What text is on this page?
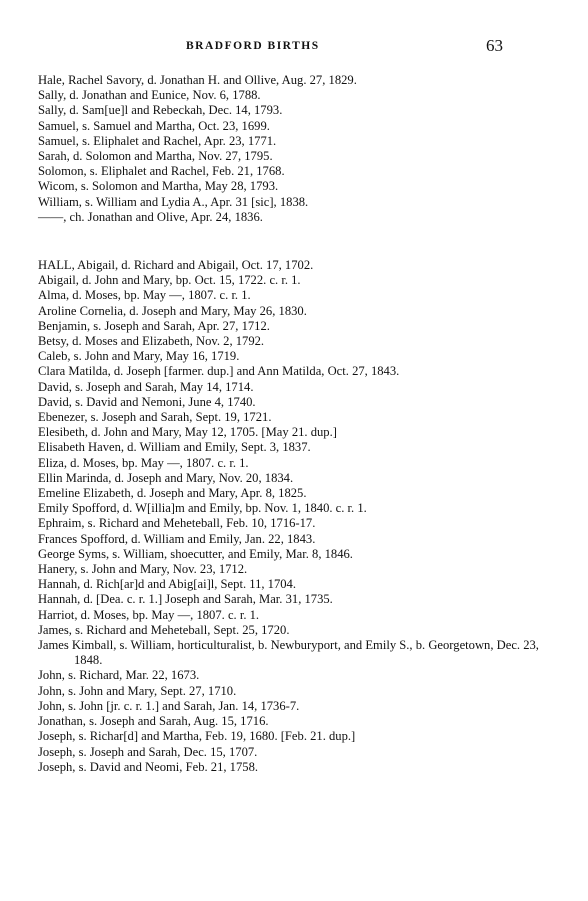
BRADFORD BIRTHS	63
Hale, Rachel Savory, d. Jonathan H. and Ollive, Aug. 27, 1829.
Sally, d. Jonathan and Eunice, Nov. 6, 1788.
Sally, d. Sam[ue]l and Rebeckah, Dec. 14, 1793.
Samuel, s. Samuel and Martha, Oct. 23, 1699.
Samuel, s. Eliphalet and Rachel, Apr. 23, 1771.
Sarah, d. Solomon and Martha, Nov. 27, 1795.
Solomon, s. Eliphalet and Rachel, Feb. 21, 1768.
Wicom, s. Solomon and Martha, May 28, 1793.
William, s. William and Lydia A., Apr. 31 [sic], 1838.
——, ch. Jonathan and Olive, Apr. 24, 1836.
HALL, Abigail, d. Richard and Abigail, Oct. 17, 1702.
Abigail, d. John and Mary, bp. Oct. 15, 1722. c. r. 1.
Alma, d. Moses, bp. May —, 1807. c. r. 1.
Aroline Cornelia, d. Joseph and Mary, May 26, 1830.
Benjamin, s. Joseph and Sarah, Apr. 27, 1712.
Betsy, d. Moses and Elizabeth, Nov. 2, 1792.
Caleb, s. John and Mary, May 16, 1719.
Clara Matilda, d. Joseph [farmer. dup.] and Ann Matilda, Oct. 27, 1843.
David, s. Joseph and Sarah, May 14, 1714.
David, s. David and Nemoni, June 4, 1740.
Ebenezer, s. Joseph and Sarah, Sept. 19, 1721.
Elesibeth, d. John and Mary, May 12, 1705. [May 21. dup.]
Elisabeth Haven, d. William and Emily, Sept. 3, 1837.
Eliza, d. Moses, bp. May —, 1807. c. r. 1.
Ellin Marinda, d. Joseph and Mary, Nov. 20, 1834.
Emeline Elizabeth, d. Joseph and Mary, Apr. 8, 1825.
Emily Spofford, d. W[illia]m and Emily, bp. Nov. 1, 1840. c. r. 1.
Ephraim, s. Richard and Meheteball, Feb. 10, 1716-17.
Frances Spofford, d. William and Emily, Jan. 22, 1843.
George Syms, s. William, shoecutter, and Emily, Mar. 8, 1846.
Hanery, s. John and Mary, Nov. 23, 1712.
Hannah, d. Rich[ar]d and Abig[ai]l, Sept. 11, 1704.
Hannah, d. [Dea. c. r. 1.] Joseph and Sarah, Mar. 31, 1735.
Harriot, d. Moses, bp. May —, 1807. c. r. 1.
James, s. Richard and Meheteball, Sept. 25, 1720.
James Kimball, s. William, horticulturalist, b. Newburyport, and Emily S., b. Georgetown, Dec. 23, 1848.
John, s. Richard, Mar. 22, 1673.
John, s. John and Mary, Sept. 27, 1710.
John, s. John [jr. c. r. 1.] and Sarah, Jan. 14, 1736-7.
Jonathan, s. Joseph and Sarah, Aug. 15, 1716.
Joseph, s. Richar[d] and Martha, Feb. 19, 1680. [Feb. 21. dup.]
Joseph, s. Joseph and Sarah, Dec. 15, 1707.
Joseph, s. David and Neomi, Feb. 21, 1758.
